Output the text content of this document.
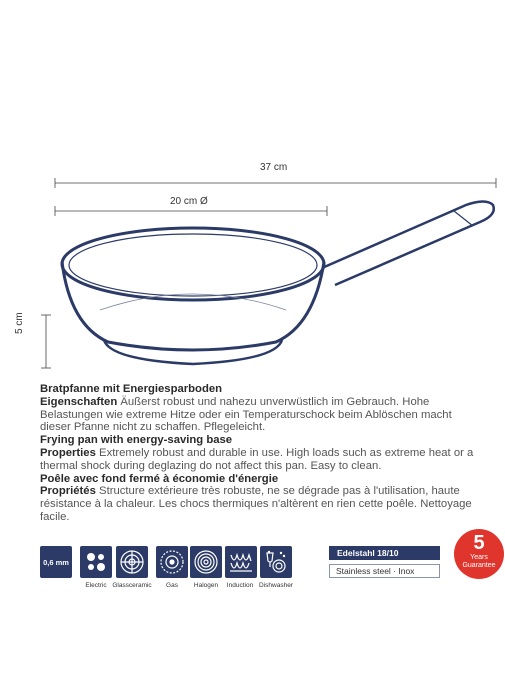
37 cm
20 cm Ø
5 cm

Bratpfanne mit Energiesparboden

Eigenschaften Äußerst robust und nahezu unverwüstlich im Gebrauch. Hohe Belastungen wie extreme Hitze oder ein Temperaturschock beim Ablöschen macht dieser Pfanne nicht zu schaffen. Pflegeleicht.

Frying pan with energy-saving base

Properties Extremely robust and durable in use. High loads such as extreme heat or a thermal shock during deglazing do not affect this pan. Easy to clean.

Poêle avec fond fermé à économie d'énergie

Propriétés Structure extérieure très robuste, ne se dégrade pas à l'utilisation, haute résistance à la chaleur. Les chocs thermiques n'altèrent en rien cette poêle. Nettoyage facile.

0,6 mm
Electric Glassceramic	Gas	Halogen	Induction Dishwasher
Edelstahl 18/10
Stainless steel · Inox
5
Years
Guarantee
